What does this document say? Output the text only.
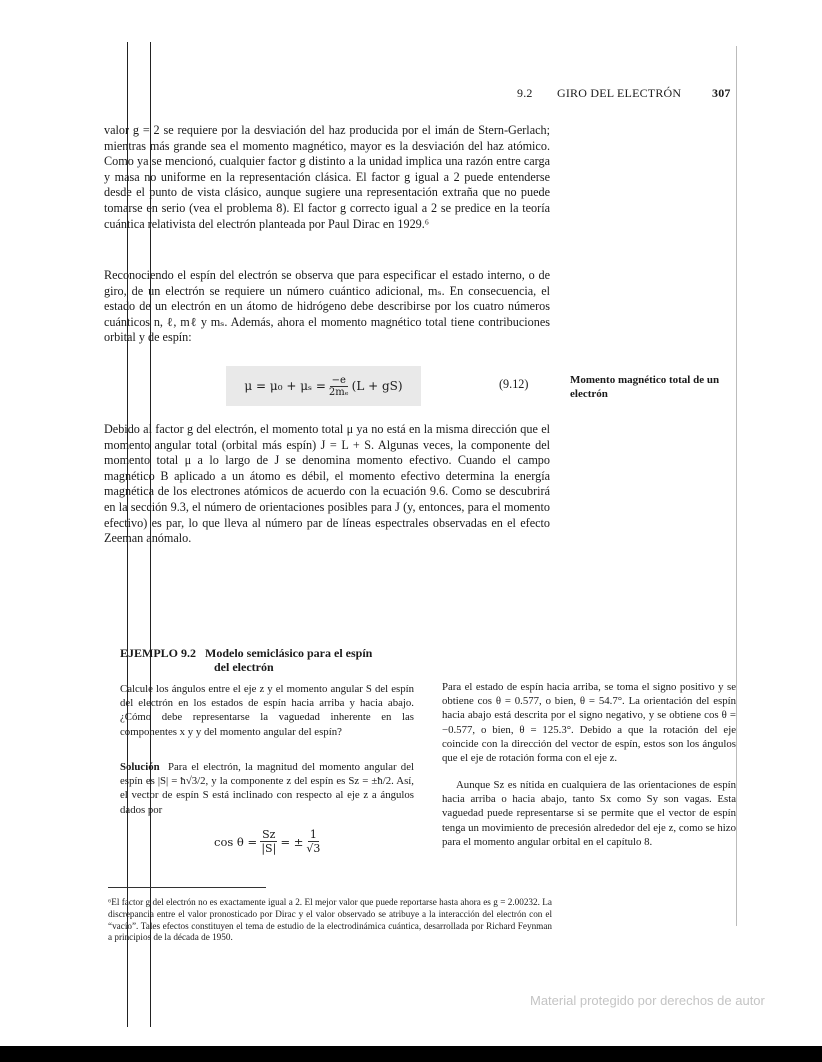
9.2 GIRO DEL ELECTRÓN	307

valor g = 2 se requiere por la desviación del haz producida por el imán de Stern-Gerlach; mientras más grande sea el momento magnético, mayor es la desviación del haz atómico. Como ya se mencionó, cualquier factor g distinto a la unidad implica una razón entre carga y masa no uniforme en la representación clásica. El factor g igual a 2 puede entenderse desde el punto de vista clásico, aunque sugiere una representación extraña que no puede tomarse en serio (vea el problema 8). El factor g correcto igual a 2 se predice en la teoría cuántica relativista del electrón planteada por Paul Dirac en 1929.⁶

Reconociendo el espín del electrón se observa que para especificar el estado interno, o de giro, de un electrón se requiere un número cuántico adicional, mₛ. En consecuencia, el estado de un electrón en un átomo de hidrógeno debe describirse por los cuatro números cuánticos n, ℓ, mℓ y mₛ. Además, ahora el momento magnético total tiene contribuciones orbital y de espín:

$\mu = \mu_0 + \mu_s = \frac{-e}{\text{2mₑ}} (L + gS)$	(9.12)	Momento magnético total de un electrón

Debido al factor g del electrón, el momento total μ ya no está en la misma dirección que el momento angular total (orbital más espín) J = L + S. Algunas veces, la componente del momento total μ a lo largo de J se denomina momento efectivo. Cuando el campo magnético B aplicado a un átomo es débil, el momento efectivo determina la energía magnética de los electrones atómicos de acuerdo con la ecuación 9.6. Como se descubrirá en la sección 9.3, el número de orientaciones posibles para J (y, entonces, para el momento efectivo) es par, lo que lleva al número par de líneas espectrales observadas en el efecto Zeeman anómalo.

EJEMPLO 9.2 Modelo semiclásico para el espín
del electrón

Calcule los ángulos entre el eje z y el momento angular S del espín del electrón en los estados de espín hacia arriba y hacia abajo. ¿Cómo debe representarse la vaguedad inherente en las componentes x y y del momento angular del espín?

Solución Para el electrón, la magnitud del momento angular del espín es |S| = ħ√3/2, y la componente z del espín es Sz = ±ħ/2. Así, el vector de espín S está inclinado con respecto al eje z a ángulos dados por

$\cos \theta = \frac{Sz}{|S|}$ = ± $\frac{1}{√3}$

Para el estado de espín hacia arriba, se toma el signo positivo y se obtiene cos θ = 0.577, o bien, θ = 54.7°. La orientación del espín hacia abajo está descrita por el signo negativo, y se obtiene cos θ = −0.577, o bien, θ = 125.3°. Debido a que la rotación del eje coincide con la dirección del vector de espín, estos son los ángulos que el eje de rotación forma con el eje z.

Aunque Sz es nítida en cualquiera de las orientaciones de espín hacia arriba o hacia abajo, tanto Sx como Sy son vagas. Esta vaguedad puede representarse si se permite que el vector de espín tenga un movimiento de precesión alrededor del eje z, como se hizo para el momento angular orbital en el capítulo 8.

⁶El factor g del electrón no es exactamente igual a 2. El mejor valor que puede reportarse hasta ahora es g = 2.00232. La discrepancia entre el valor pronosticado por Dirac y el valor observado se atribuye a la interacción del electrón con el “vacío”. Tales efectos constituyen el tema de estudio de la electrodinámica cuántica, desarrollada por Richard Feynman a principios de la década de 1950.

Material protegido por derechos de autor
